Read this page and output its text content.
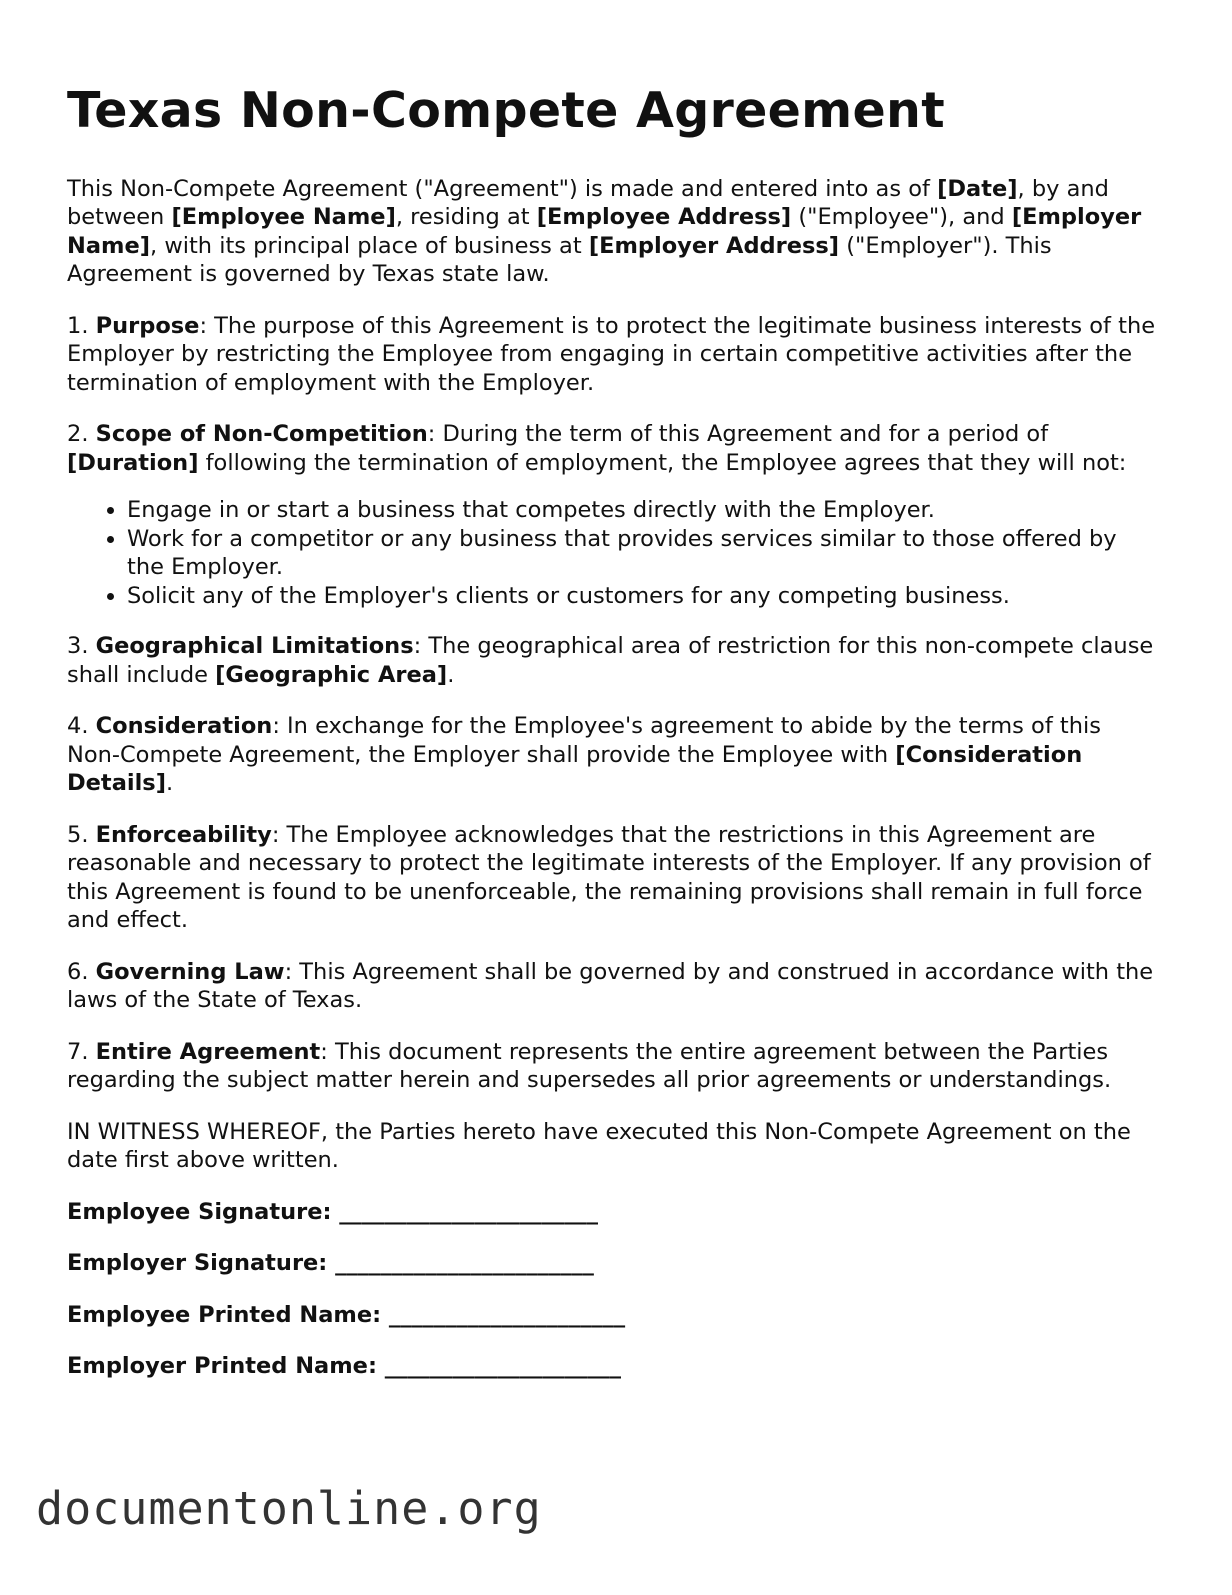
Texas Non-Compete Agreement

This Non-Compete Agreement ("Agreement") is made and entered into as of [Date], by and between [Employee Name], residing at [Employee Address] ("Employee"), and [Employer Name], with its principal place of business at [Employer Address] ("Employer"). This Agreement is governed by Texas state law.

1. Purpose: The purpose of this Agreement is to protect the legitimate business interests of the Employer by restricting the Employee from engaging in certain competitive activities after the termination of employment with the Employer.

2. Scope of Non-Competition: During the term of this Agreement and for a period of [Duration] following the termination of employment, the Employee agrees that they will not:

• Engage in or start a business that competes directly with the Employer.
• Work for a competitor or any business that provides services similar to those offered by the Employer.
• Solicit any of the Employer's clients or customers for any competing business.

3. Geographical Limitations: The geographical area of restriction for this non-compete clause shall include [Geographic Area].

4. Consideration: In exchange for the Employee's agreement to abide by the terms of this Non-Compete Agreement, the Employer shall provide the Employee with [Consideration Details].

5. Enforceability: The Employee acknowledges that the restrictions in this Agreement are reasonable and necessary to protect the legitimate interests of the Employer. If any provision of this Agreement is found to be unenforceable, the remaining provisions shall remain in full force and effect.

6. Governing Law: This Agreement shall be governed by and construed in accordance with the laws of the State of Texas.

7. Entire Agreement: This document represents the entire agreement between the Parties regarding the subject matter herein and supersedes all prior agreements or understandings.

IN WITNESS WHEREOF, the Parties hereto have executed this Non-Compete Agreement on the date first above written.

Employee Signature: _______________________
Employer Signature: _______________________
Employee Printed Name: _____________________
Employer Printed Name: _____________________
documentonline.org
